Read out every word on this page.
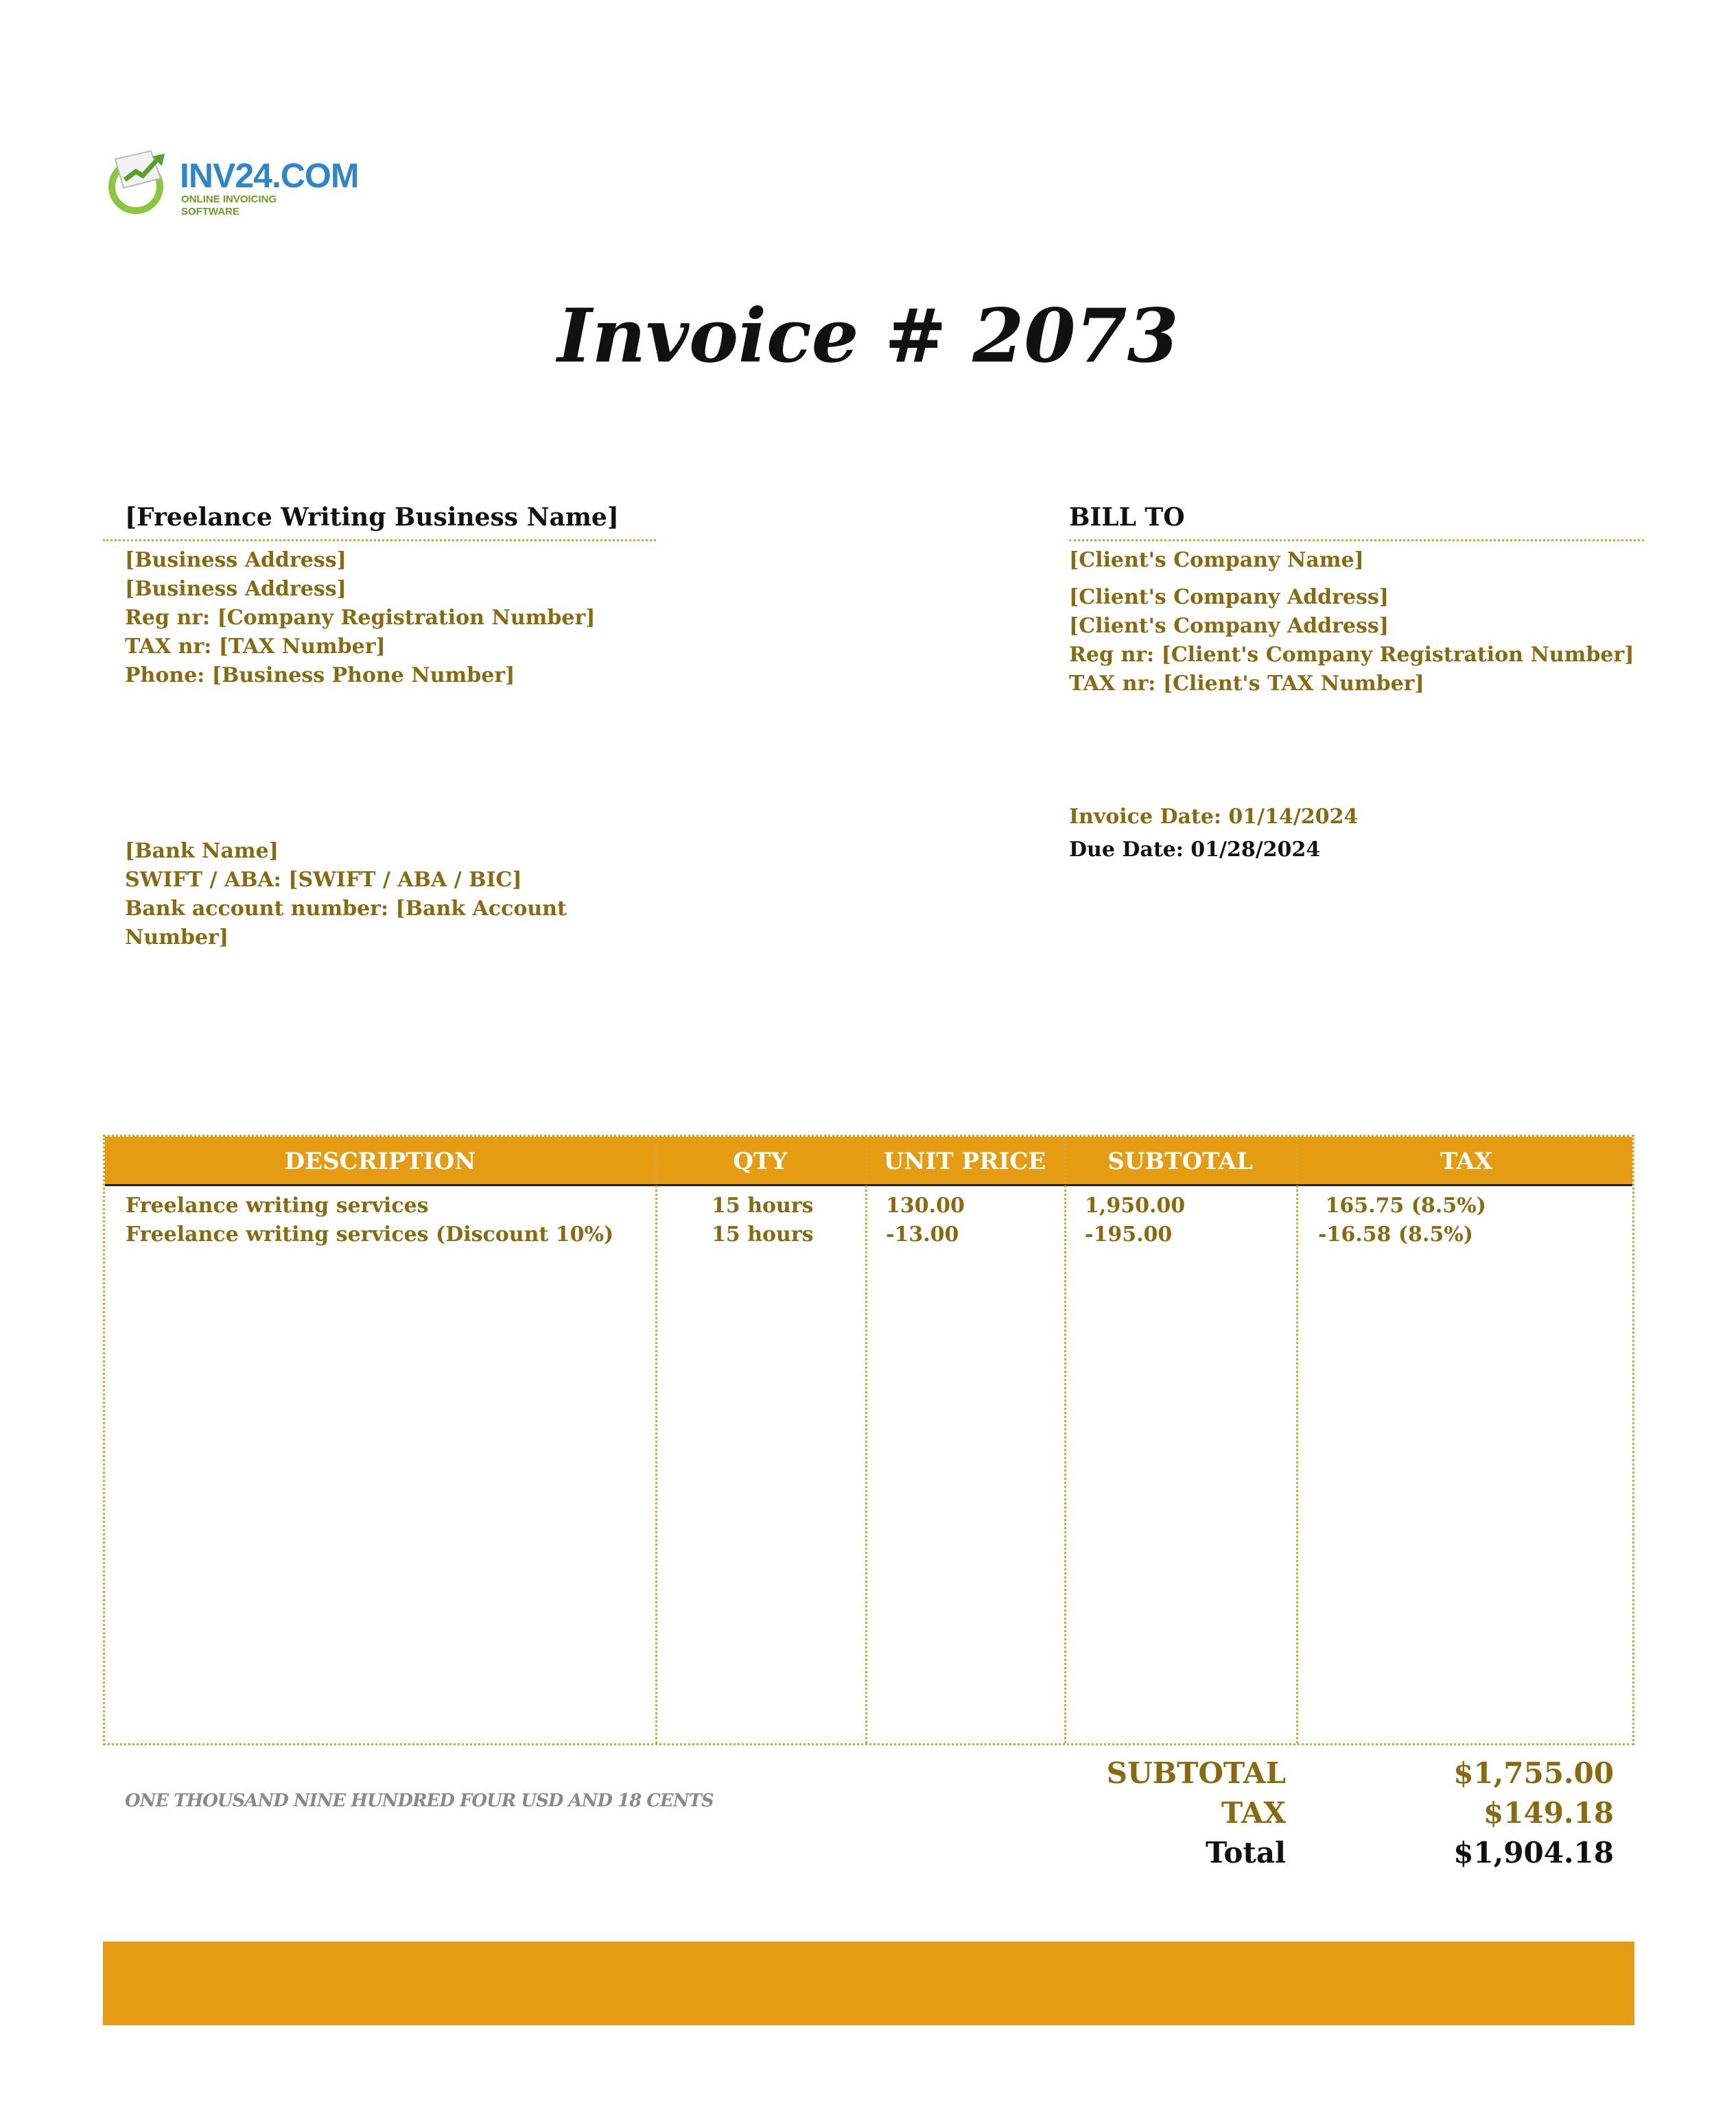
INV24.COM
ONLINE INVOICING SOFTWARE
Invoice # 2073
[Freelance Writing Business Name]
[Business Address]
[Business Address]
Reg nr: [Company Registration Number]
TAX nr: [TAX Number]
Phone: [Business Phone Number]
BILL TO
[Client's Company Name]
[Client's Company Address]
[Client's Company Address]
Reg nr: [Client's Company Registration Number]
TAX nr: [Client's TAX Number]
[Bank Name]
SWIFT / ABA: [SWIFT / ABA / BIC]
Bank account number: [Bank Account
Number]
Invoice Date: 01/14/2024
Due Date: 01/28/2024
DESCRIPTION	QTY	UNIT PRICE	SUBTOTAL	TAX
Freelance writing services	15 hours	130.00	1,950.00	165.75 (8.5%)
Freelance writing services (Discount 10%)	15 hours	-13.00	-195.00	-16.58 (8.5%)
ONE THOUSAND NINE HUNDRED FOUR USD AND 18 CENTS
SUBTOTAL	$1,755.00
TAX	$149.18
Total	$1,904.18
